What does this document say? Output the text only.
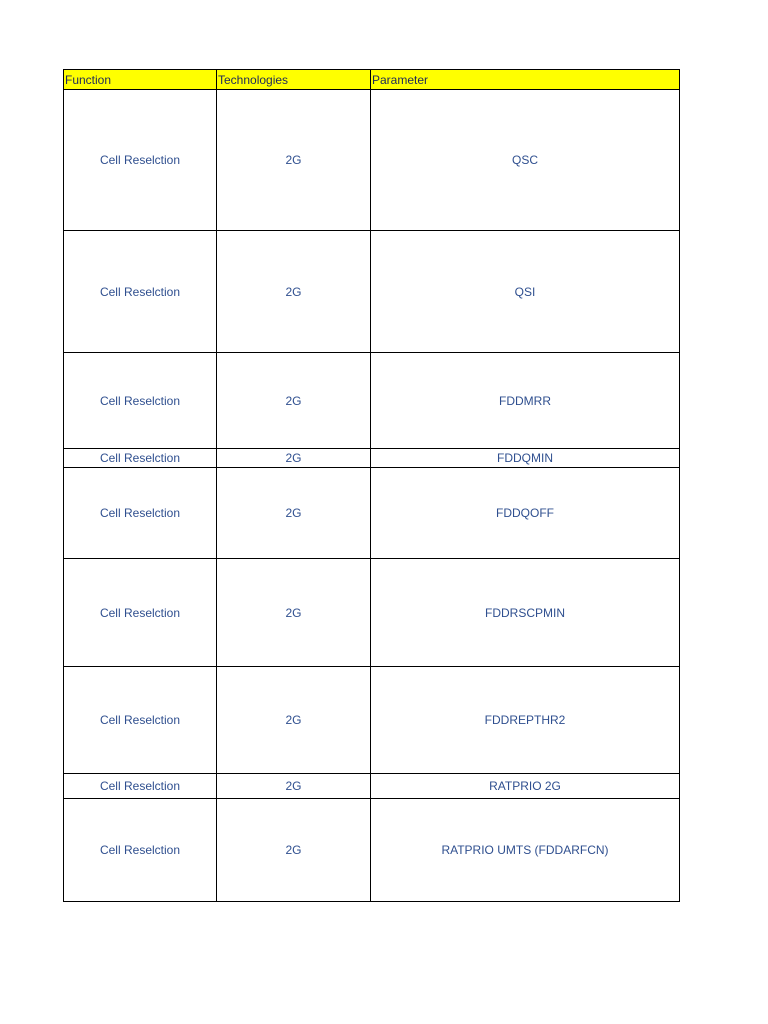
Function	Technologies	Parameter
Cell Reselction	2G	QSC
Cell Reselction	2G	QSI
Cell Reselction	2G	FDDMRR
Cell Reselction	2G	FDDQMIN
Cell Reselction	2G	FDDQOFF
Cell Reselction	2G	FDDRSCPMIN
Cell Reselction	2G	FDDREPTHR2
Cell Reselction	2G	RATPRIO 2G
Cell Reselction	2G	RATPRIO UMTS (FDDARFCN)
